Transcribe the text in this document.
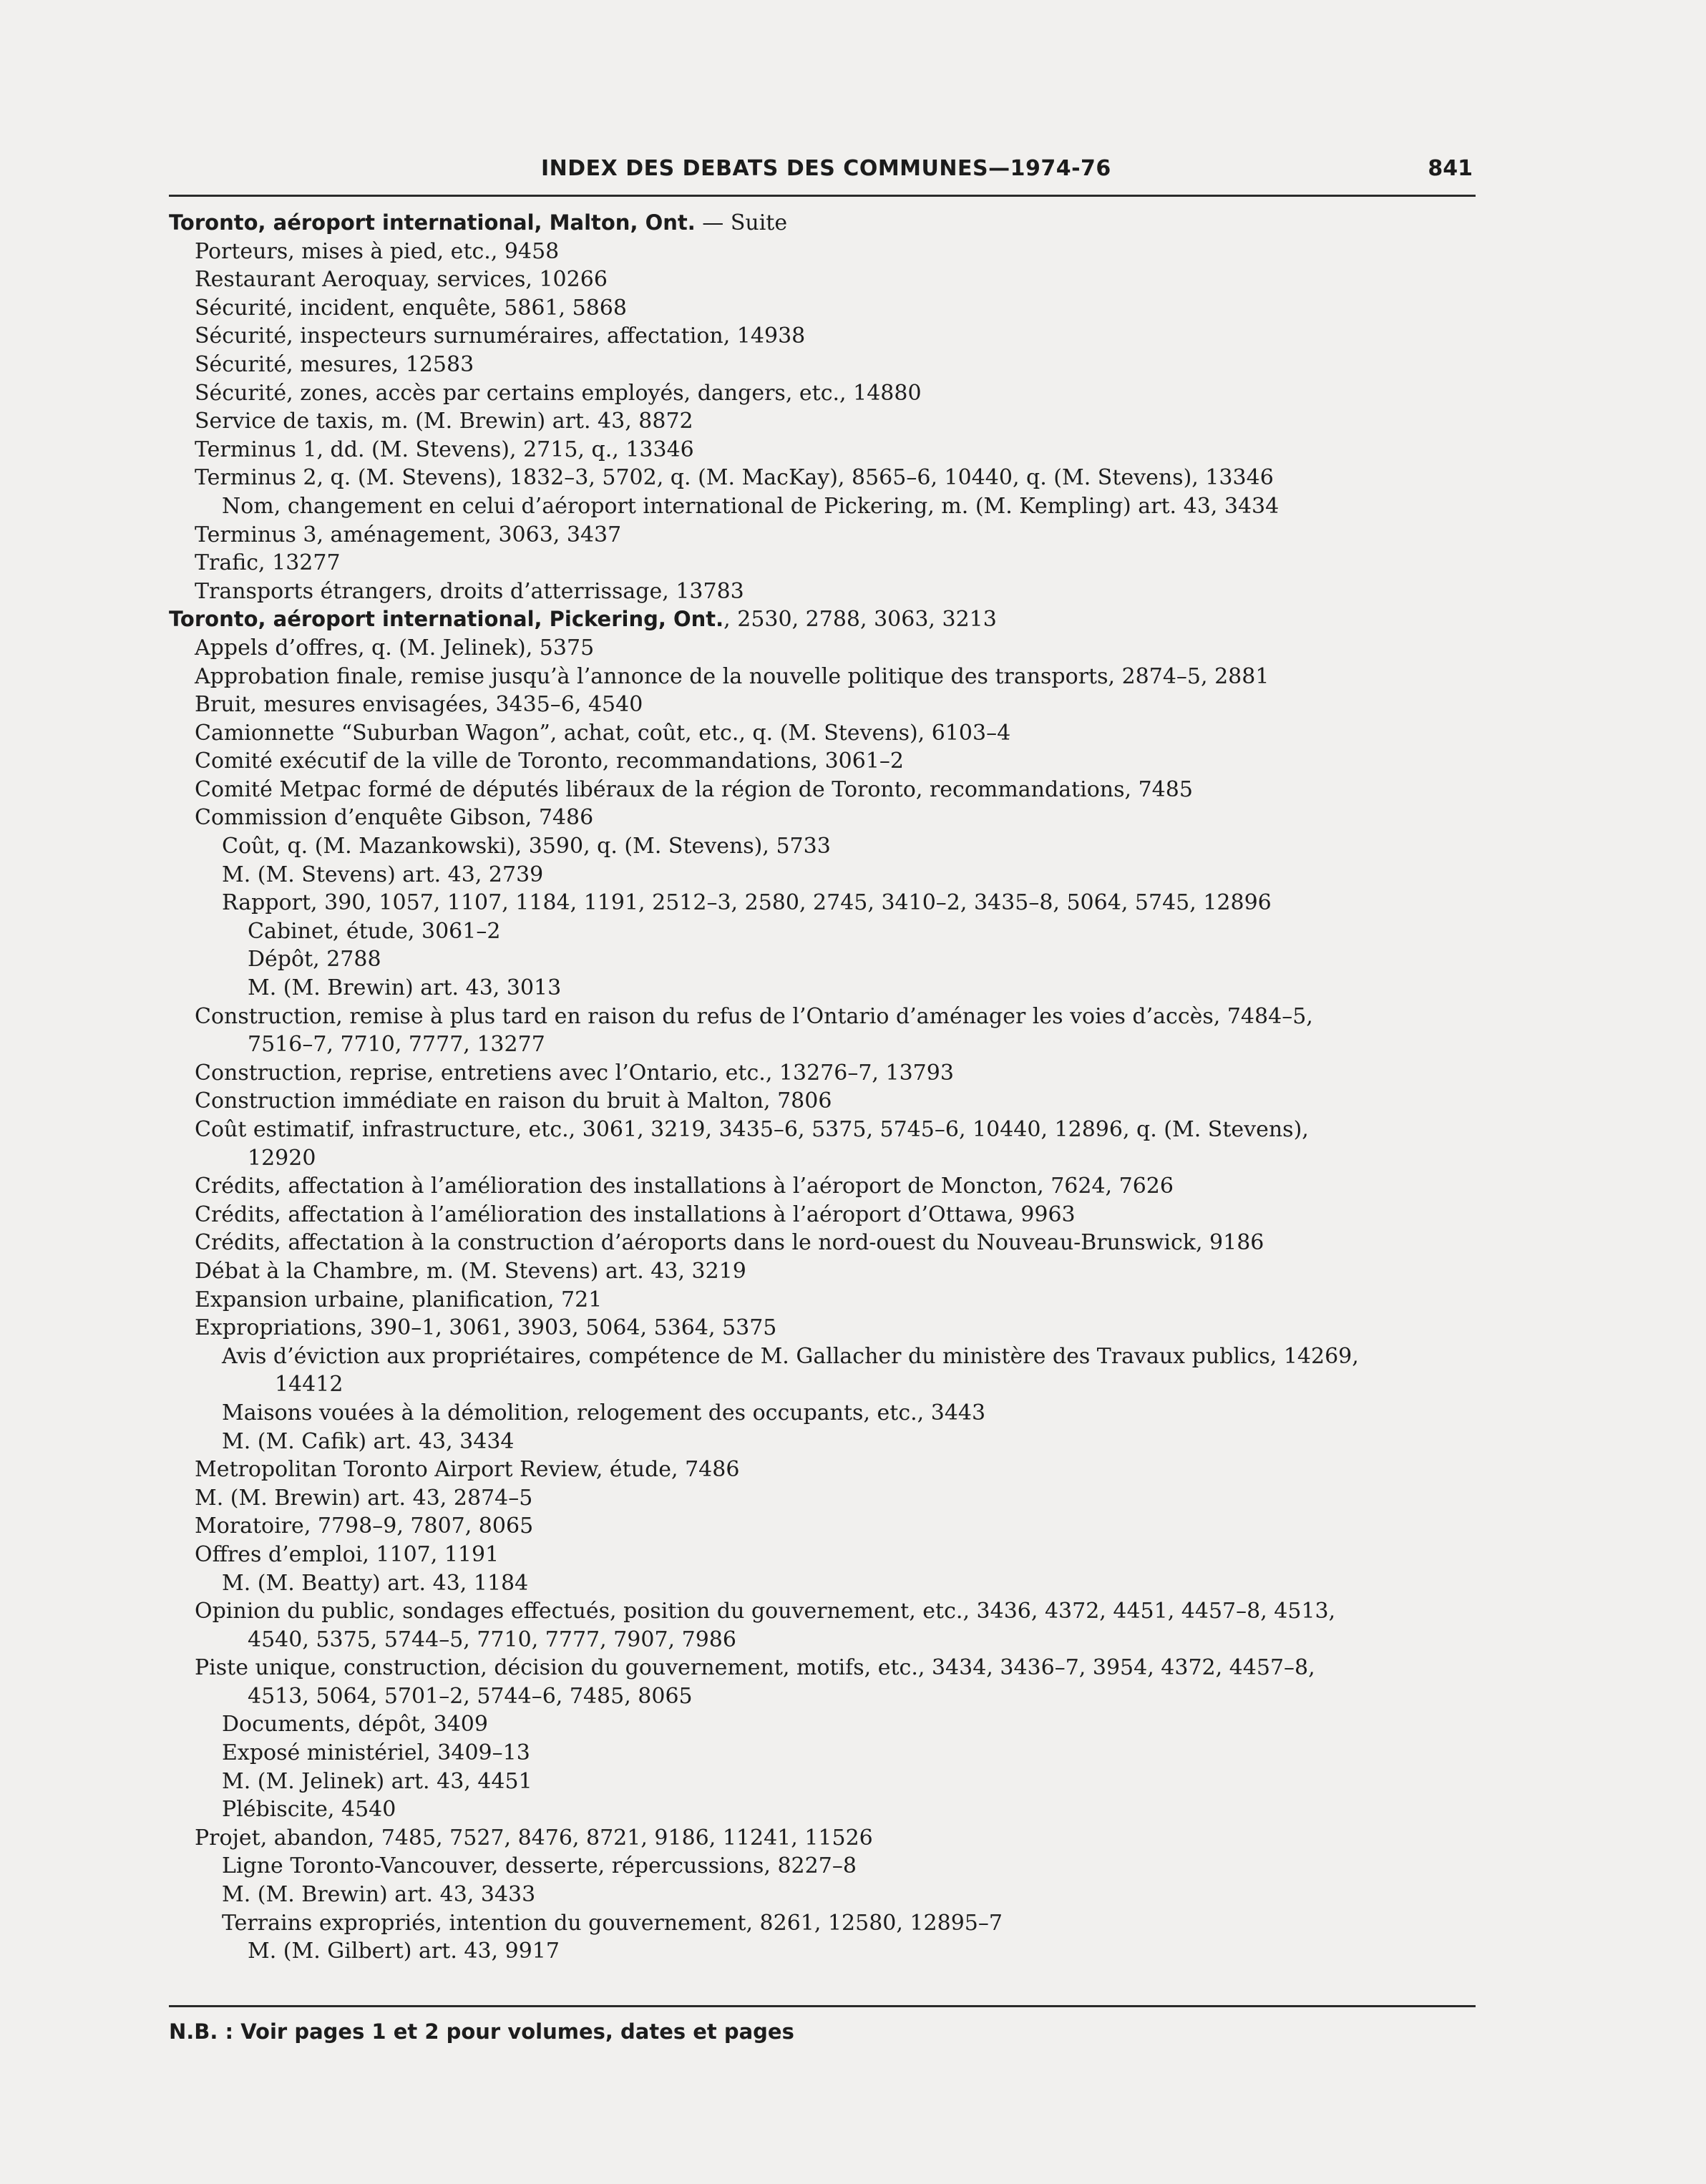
INDEX DES DEBATS DES COMMUNES—1974-76	841
Toronto, aéroport international, Malton, Ont. — Suite
Porteurs, mises à pied, etc., 9458
Restaurant Aeroquay, services, 10266
Sécurité, incident, enquête, 5861, 5868
Sécurité, inspecteurs surnuméraires, affectation, 14938
Sécurité, mesures, 12583
Sécurité, zones, accès par certains employés, dangers, etc., 14880
Service de taxis, m. (M. Brewin) art. 43, 8872
Terminus 1, dd. (M. Stevens), 2715, q., 13346
Terminus 2, q. (M. Stevens), 1832–3, 5702, q. (M. MacKay), 8565–6, 10440, q. (M. Stevens), 13346
Nom, changement en celui d’aéroport international de Pickering, m. (M. Kempling) art. 43, 3434
Terminus 3, aménagement, 3063, 3437
Trafic, 13277
Transports étrangers, droits d’atterrissage, 13783
Toronto, aéroport international, Pickering, Ont., 2530, 2788, 3063, 3213
Appels d’offres, q. (M. Jelinek), 5375
Approbation finale, remise jusqu’à l’annonce de la nouvelle politique des transports, 2874–5, 2881
Bruit, mesures envisagées, 3435–6, 4540
Camionnette “Suburban Wagon”, achat, coût, etc., q. (M. Stevens), 6103–4
Comité exécutif de la ville de Toronto, recommandations, 3061–2
Comité Metpac formé de députés libéraux de la région de Toronto, recommandations, 7485
Commission d’enquête Gibson, 7486
Coût, q. (M. Mazankowski), 3590, q. (M. Stevens), 5733
M. (M. Stevens) art. 43, 2739
Rapport, 390, 1057, 1107, 1184, 1191, 2512–3, 2580, 2745, 3410–2, 3435–8, 5064, 5745, 12896
Cabinet, étude, 3061–2
Dépôt, 2788
M. (M. Brewin) art. 43, 3013
Construction, remise à plus tard en raison du refus de l’Ontario d’aménager les voies d’accès, 7484–5,
7516–7, 7710, 7777, 13277
Construction, reprise, entretiens avec l’Ontario, etc., 13276–7, 13793
Construction immédiate en raison du bruit à Malton, 7806
Coût estimatif, infrastructure, etc., 3061, 3219, 3435–6, 5375, 5745–6, 10440, 12896, q. (M. Stevens),
12920
Crédits, affectation à l’amélioration des installations à l’aéroport de Moncton, 7624, 7626
Crédits, affectation à l’amélioration des installations à l’aéroport d’Ottawa, 9963
Crédits, affectation à la construction d’aéroports dans le nord-ouest du Nouveau-Brunswick, 9186
Débat à la Chambre, m. (M. Stevens) art. 43, 3219
Expansion urbaine, planification, 721
Expropriations, 390–1, 3061, 3903, 5064, 5364, 5375
Avis d’éviction aux propriétaires, compétence de M. Gallacher du ministère des Travaux publics, 14269,
14412
Maisons vouées à la démolition, relogement des occupants, etc., 3443
M. (M. Cafik) art. 43, 3434
Metropolitan Toronto Airport Review, étude, 7486
M. (M. Brewin) art. 43, 2874–5
Moratoire, 7798–9, 7807, 8065
Offres d’emploi, 1107, 1191
M. (M. Beatty) art. 43, 1184
Opinion du public, sondages effectués, position du gouvernement, etc., 3436, 4372, 4451, 4457–8, 4513,
4540, 5375, 5744–5, 7710, 7777, 7907, 7986
Piste unique, construction, décision du gouvernement, motifs, etc., 3434, 3436–7, 3954, 4372, 4457–8,
4513, 5064, 5701–2, 5744–6, 7485, 8065
Documents, dépôt, 3409
Exposé ministériel, 3409–13
M. (M. Jelinek) art. 43, 4451
Plébiscite, 4540
Projet, abandon, 7485, 7527, 8476, 8721, 9186, 11241, 11526
Ligne Toronto-Vancouver, desserte, répercussions, 8227–8
M. (M. Brewin) art. 43, 3433
Terrains expropriés, intention du gouvernement, 8261, 12580, 12895–7
M. (M. Gilbert) art. 43, 9917
N.B. : Voir pages 1 et 2 pour volumes, dates et pages
